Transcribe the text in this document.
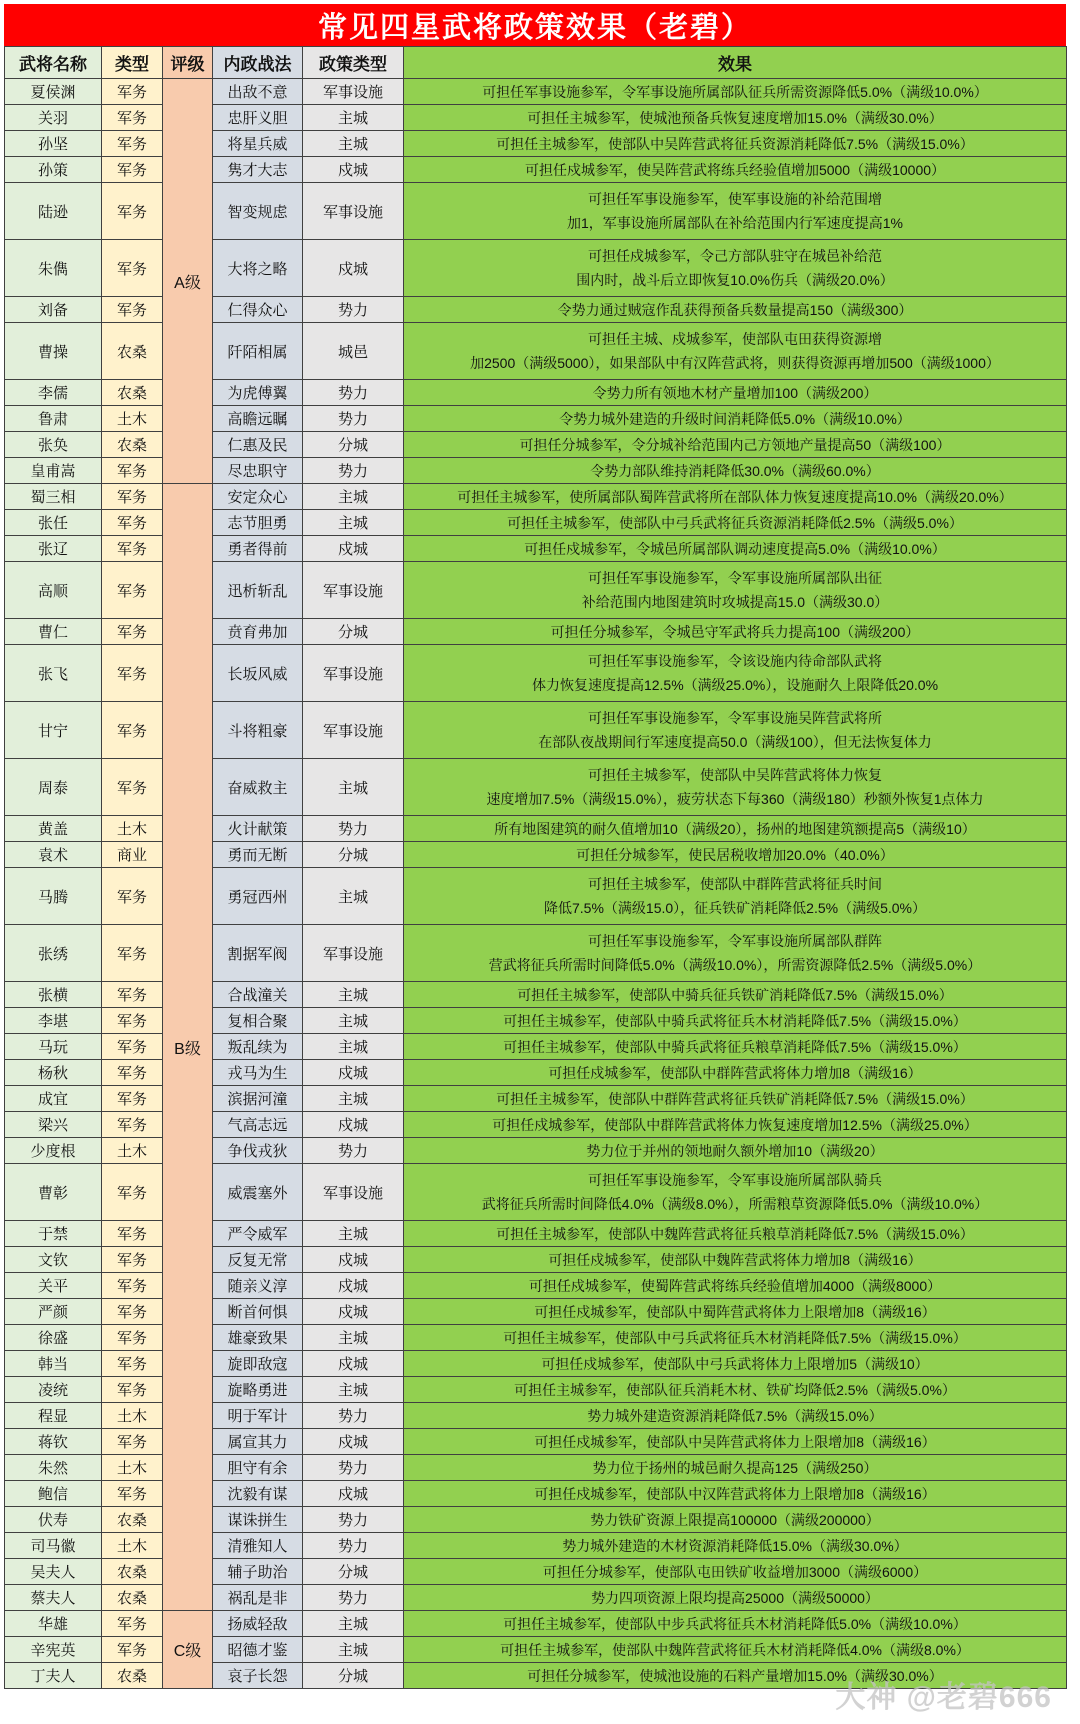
常见四星武将政策效果（老碧）
武将名称	类型	评级	内政战法	政策类型	效果
夏侯渊	军务	A级	出敌不意	军事设施	可担任军事设施参军，令军事设施所属部队征兵所需资源降低5.0%（满级10.0%）
关羽	军务		忠肝义胆	主城	可担任主城参军，使城池预备兵恢复速度增加15.0%（满级30.0%）
孙坚	军务		将星兵威	主城	可担任主城参军，使部队中吴阵营武将征兵资源消耗降低7.5%（满级15.0%）
孙策	军务		隽才大志	戍城	可担任戍城参军，使吴阵营武将练兵经验值增加5000（满级10000）
陆逊	军务		智变规虑	军事设施	可担任军事设施参军，使军事设施的补给范围增
加1，军事设施所属部队在补给范围内行军速度提高1%
朱儁	军务		大将之略	戍城	可担任戍城参军，令己方部队驻守在城邑补给范
围内时，战斗后立即恢复10.0%伤兵（满级20.0%）
刘备	军务		仁得众心	势力	令势力通过贼寇作乱获得预备兵数量提高150（满级300）
曹操	农桑		阡陌相属	城邑	可担任主城、戍城参军，使部队屯田获得资源增
加2500（满级5000），如果部队中有汉阵营武将，则获得资源再增加500（满级1000）
李儒	农桑		为虎傅翼	势力	令势力所有领地木材产量增加100（满级200）
鲁肃	土木		高瞻远瞩	势力	令势力城外建造的升级时间消耗降低5.0%（满级10.0%）
张奂	农桑		仁惠及民	分城	可担任分城参军，令分城补给范围内己方领地产量提高50（满级100）
皇甫嵩	军务		尽忠职守	势力	令势力部队维持消耗降低30.0%（满级60.0%）
蜀三相	军务	B级	安定众心	主城	可担任主城参军，使所属部队蜀阵营武将所在部队体力恢复速度提高10.0%（满级20.0%）
张任	军务		志节胆勇	主城	可担任主城参军，使部队中弓兵武将征兵资源消耗降低2.5%（满级5.0%）
张辽	军务		勇者得前	戍城	可担任戍城参军，令城邑所属部队调动速度提高5.0%（满级10.0%）
高顺	军务		迅析斩乱	军事设施	可担任军事设施参军，令军事设施所属部队出征
补给范围内地图建筑时攻城提高15.0（满级30.0）
曹仁	军务		贲育弗加	分城	可担任分城参军，令城邑守军武将兵力提高100（满级200）
张飞	军务		长坂风威	军事设施	可担任军事设施参军，令该设施内待命部队武将
体力恢复速度提高12.5%（满级25.0%），设施耐久上限降低20.0%
甘宁	军务		斗将粗豪	军事设施	可担任军事设施参军，令军事设施吴阵营武将所
在部队夜战期间行军速度提高50.0（满级100），但无法恢复体力
周泰	军务		奋威救主	主城	可担任主城参军，使部队中吴阵营武将体力恢复
速度增加7.5%（满级15.0%），疲劳状态下每360（满级180）秒额外恢复1点体力
黄盖	土木		火计献策	势力	所有地图建筑的耐久值增加10（满级20），扬州的地图建筑额提高5（满级10）
袁术	商业		勇而无断	分城	可担任分城参军，使民居税收增加20.0%（40.0%）
马腾	军务		勇冠西州	主城	可担任主城参军，使部队中群阵营武将征兵时间
降低7.5%（满级15.0），征兵铁矿消耗降低2.5%（满级5.0%）
张绣	军务		割据军阀	军事设施	可担任军事设施参军，令军事设施所属部队群阵
营武将征兵所需时间降低5.0%（满级10.0%），所需资源降低2.5%（满级5.0%）
张横	军务		合战潼关	主城	可担任主城参军，使部队中骑兵征兵铁矿消耗降低7.5%（满级15.0%）
李堪	军务		复相合聚	主城	可担任主城参军，使部队中骑兵武将征兵木材消耗降低7.5%（满级15.0%）
马玩	军务		叛乱续为	主城	可担任主城参军，使部队中骑兵武将征兵粮草消耗降低7.5%（满级15.0%）
杨秋	军务		戎马为生	戍城	可担任戍城参军，使部队中群阵营武将体力增加8（满级16）
成宜	军务		滨据河潼	主城	可担任主城参军，使部队中群阵营武将征兵铁矿消耗降低7.5%（满级15.0%）
梁兴	军务		气高志远	戍城	可担任戍城参军，使部队中群阵营武将体力恢复速度增加12.5%（满级25.0%）
少度根	土木		争伐戎狄	势力	势力位于并州的领地耐久额外增加10（满级20）
曹彰	军务		威震塞外	军事设施	可担任军事设施参军，令军事设施所属部队骑兵
武将征兵所需时间降低4.0%（满级8.0%），所需粮草资源降低5.0%（满级10.0%）
于禁	军务		严令威军	主城	可担任主城参军，使部队中魏阵营武将征兵粮草消耗降低7.5%（满级15.0%）
文钦	军务		反复无常	戍城	可担任戍城参军，使部队中魏阵营武将体力增加8（满级16）
关平	军务		随亲义淳	戍城	可担任戍城参军，使蜀阵营武将练兵经验值增加4000（满级8000）
严颜	军务		断首何惧	戍城	可担任戍城参军，使部队中蜀阵营武将体力上限增加8（满级16）
徐盛	军务		雄豪致果	主城	可担任主城参军，使部队中弓兵武将征兵木材消耗降低7.5%（满级15.0%）
韩当	军务		旋即敌寇	戍城	可担任戍城参军，使部队中弓兵武将体力上限增加5（满级10）
凌统	军务		旋略勇进	主城	可担任主城参军，使部队征兵消耗木材、铁矿均降低2.5%（满级5.0%）
程显	土木		明于军计	势力	势力城外建造资源消耗降低7.5%（满级15.0%）
蒋钦	军务		属宣其力	戍城	可担任戍城参军，使部队中吴阵营武将体力上限增加8（满级16）
朱然	土木		胆守有余	势力	势力位于扬州的城邑耐久提高125（满级250）
鲍信	军务		沈毅有谋	戍城	可担任戍城参军，使部队中汉阵营武将体力上限增加8（满级16）
伏寿	农桑		谋诛拼生	势力	势力铁矿资源上限提高100000（满级200000）
司马徽	土木		清雅知人	势力	势力城外建造的木材资源消耗降低15.0%（满级30.0%）
吴夫人	农桑		辅子助治	分城	可担任分城参军，使部队屯田铁矿收益增加3000（满级6000）
蔡夫人	农桑		祸乱是非	势力	势力四项资源上限均提高25000（满级50000）
华雄	军务	C级	扬威轻敌	主城	可担任主城参军，使部队中步兵武将征兵木材消耗降低5.0%（满级10.0%）
辛宪英	军务		昭德才鉴	主城	可担任主城参军，使部队中魏阵营武将征兵木材消耗降低4.0%（满级8.0%）
丁夫人	农桑		哀子长怨	分城	可担任分城参军，使城池设施的石料产量增加15.0%（满级30.0%）
大神 @老碧666
